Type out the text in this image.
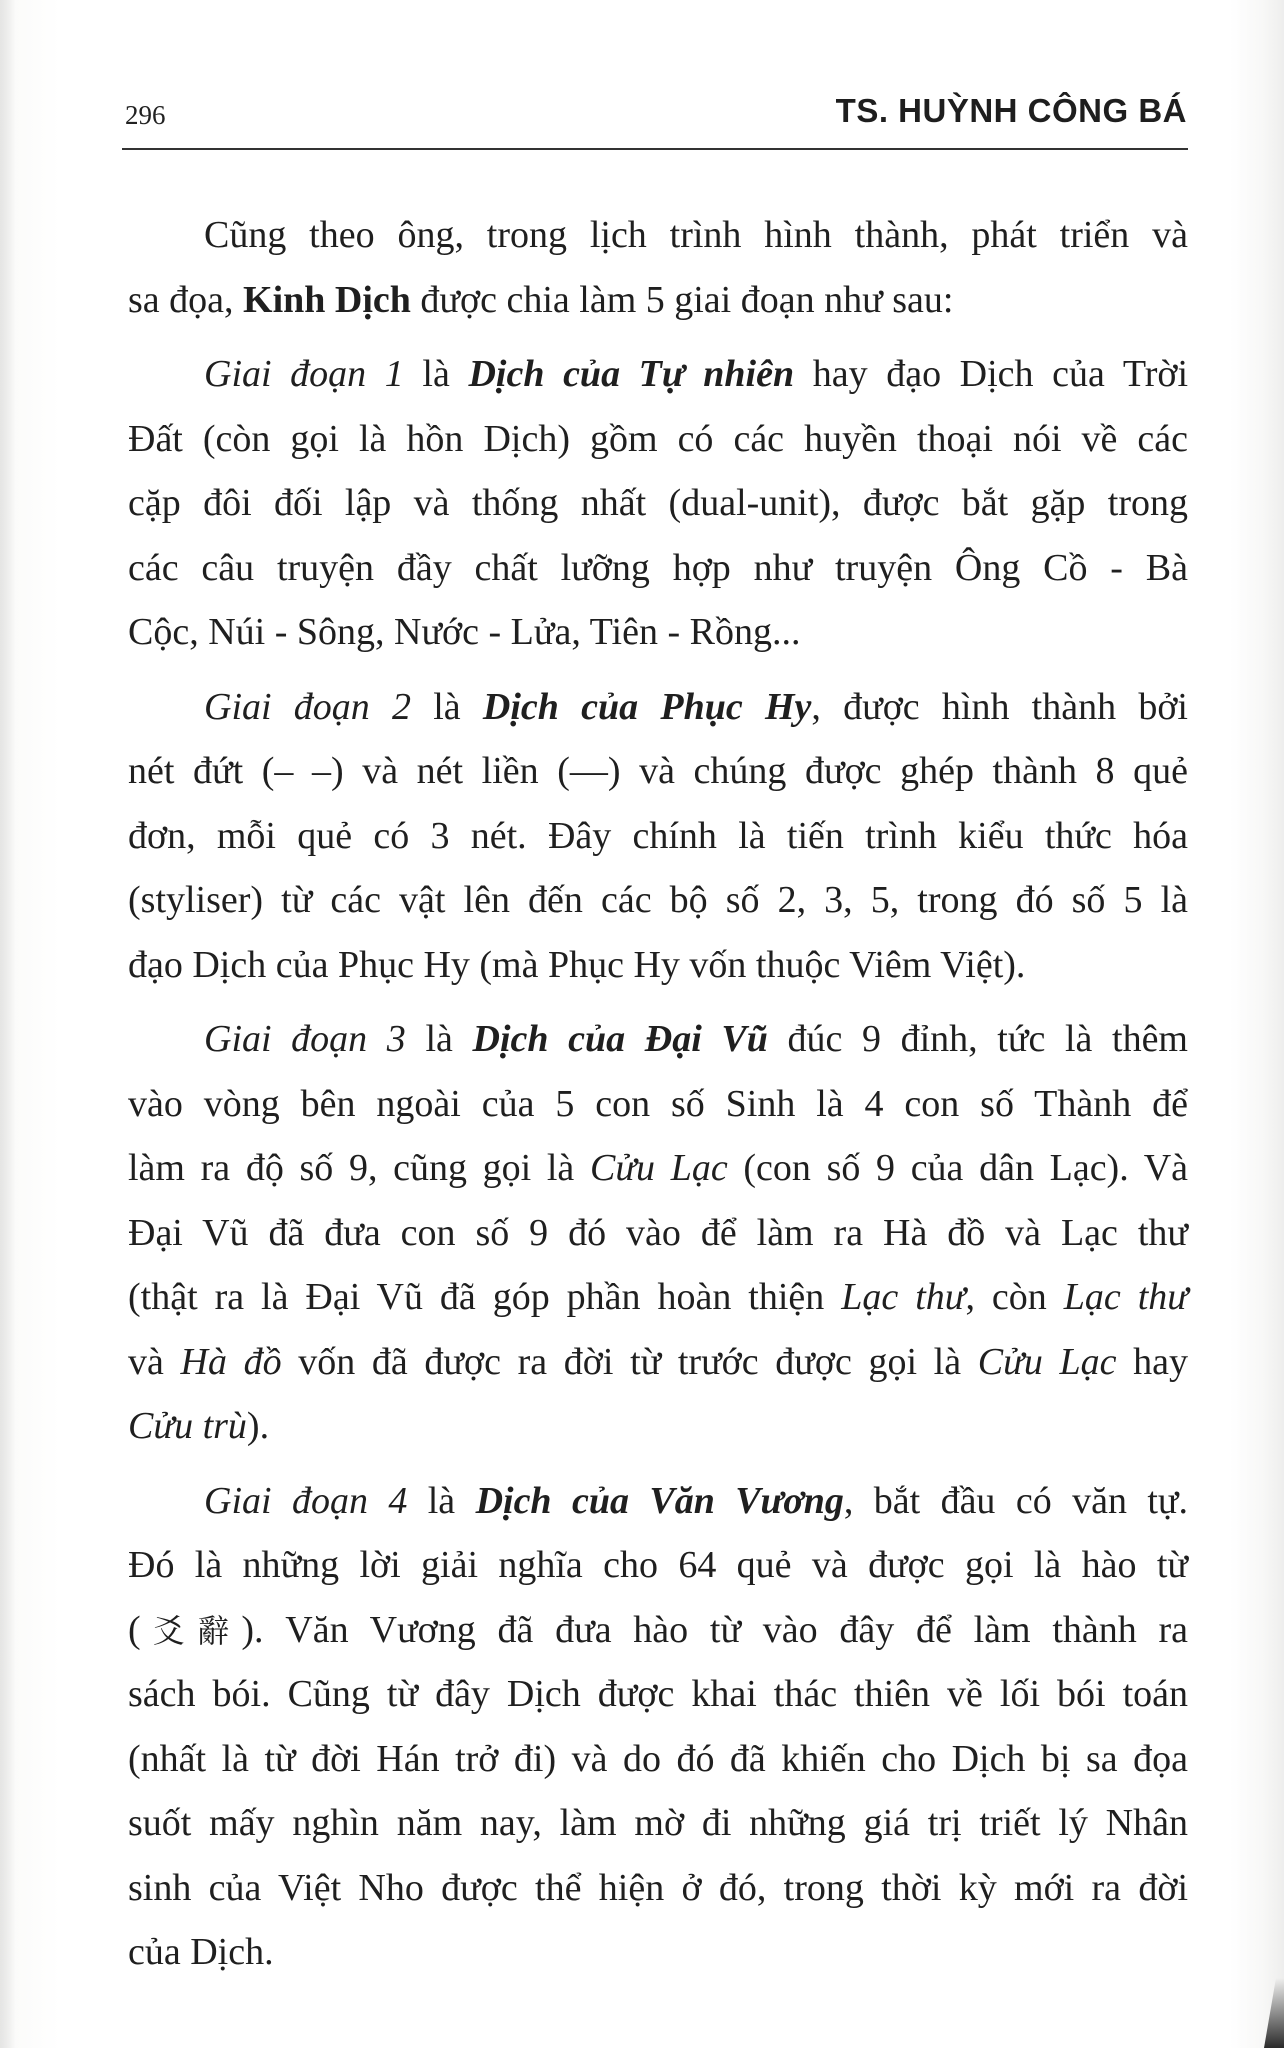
296	TS. HUỲNH CÔNG BÁ
Cũng theo ông, trong lịch trình hình thành, phát triển và
sa đọa, Kinh Dịch được chia làm 5 giai đoạn như sau:
Giai đoạn 1 là Dịch của Tự nhiên hay đạo Dịch của Trời
Đất (còn gọi là hồn Dịch) gồm có các huyền thoại nói về các
cặp đôi đối lập và thống nhất (dual-unit), được bắt gặp trong
các câu truyện đầy chất lưỡng hợp như truyện Ông Cồ - Bà
Cộc, Núi - Sông, Nước - Lửa, Tiên - Rồng...
Giai đoạn 2 là Dịch của Phục Hy, được hình thành bởi
nét đứt (– –) và nét liền (—) và chúng được ghép thành 8 quẻ
đơn, mỗi quẻ có 3 nét. Đây chính là tiến trình kiểu thức hóa
(styliser) từ các vật lên đến các bộ số 2, 3, 5, trong đó số 5 là
đạo Dịch của Phục Hy (mà Phục Hy vốn thuộc Viêm Việt).
Giai đoạn 3 là Dịch của Đại Vũ đúc 9 đỉnh, tức là thêm
vào vòng bên ngoài của 5 con số Sinh là 4 con số Thành để
làm ra độ số 9, cũng gọi là Cửu Lạc (con số 9 của dân Lạc). Và
Đại Vũ đã đưa con số 9 đó vào để làm ra Hà đồ và Lạc thư
(thật ra là Đại Vũ đã góp phần hoàn thiện Lạc thư, còn Lạc thư
và Hà đồ vốn đã được ra đời từ trước được gọi là Cửu Lạc hay
Cửu trù).
Giai đoạn 4 là Dịch của Văn Vương, bắt đầu có văn tự.
Đó là những lời giải nghĩa cho 64 quẻ và được gọi là hào từ
(爻辭). Văn Vương đã đưa hào từ vào đây để làm thành ra
sách bói. Cũng từ đây Dịch được khai thác thiên về lối bói toán
(nhất là từ đời Hán trở đi) và do đó đã khiến cho Dịch bị sa đọa
suốt mấy nghìn năm nay, làm mờ đi những giá trị triết lý Nhân
sinh của Việt Nho được thể hiện ở đó, trong thời kỳ mới ra đời
của Dịch.
